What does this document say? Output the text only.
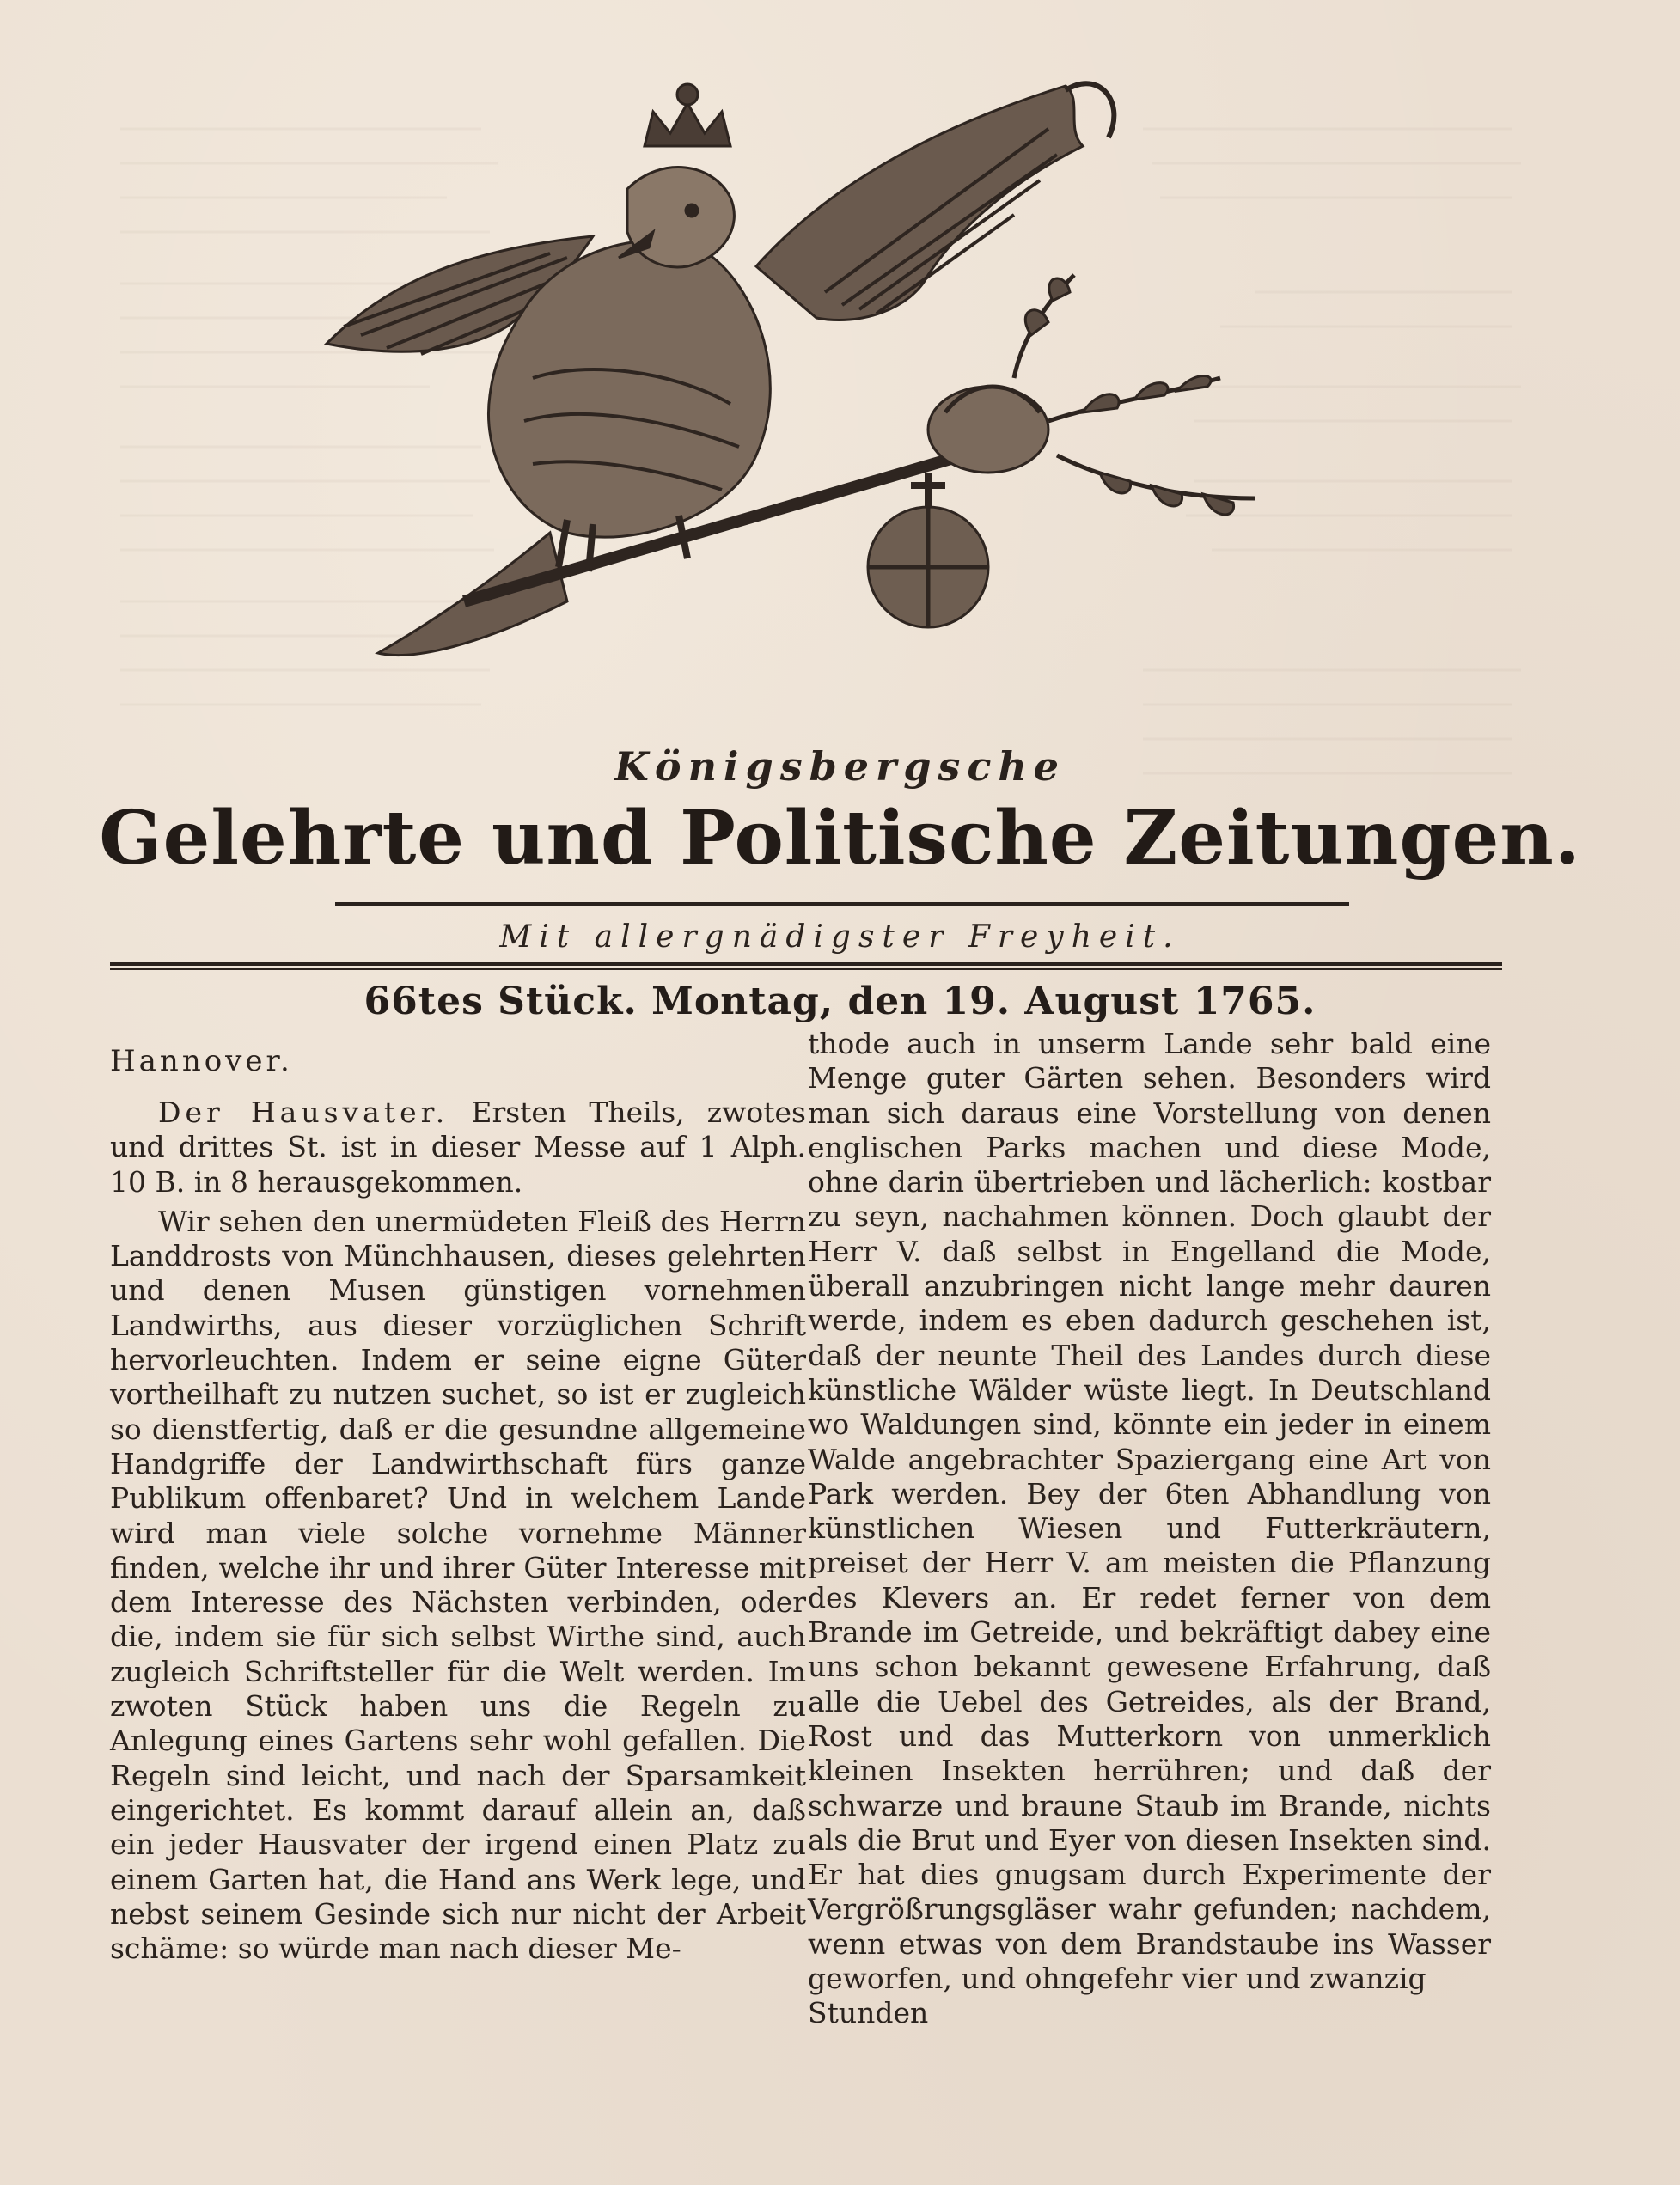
Königsbergsche
Gelehrte und Politische Zeitungen.
Mit allergnädigster Freyheit.
66tes Stück. Montag, den 19. August 1765.

Hannover.

Der Hausvater. Ersten Theils, zwotes und drittes St. ist in dieser Messe auf 1 Alph. 10 B. in 8 herausgekommen.

Wir sehen den unermüdeten Fleiß des Herrn Landdrosts von Münchhausen, dieses gelehrten und denen Musen günstigen vornehmen Landwirths, aus dieser vorzüglichen Schrift hervorleuchten. Indem er seine eigne Güter vortheilhaft zu nutzen suchet, so ist er zugleich so dienstfertig, daß er die gesundne allgemeine Handgriffe der Landwirthschaft fürs ganze Publikum offenbaret? Und in welchem Lande wird man viele solche vornehme Männer finden, welche ihr und ihrer Güter Interesse mit dem Interesse des Nächsten verbinden, oder die, indem sie für sich selbst Wirthe sind, auch zugleich Schriftsteller für die Welt werden. Im zwoten Stück haben uns die Regeln zu Anlegung eines Gartens sehr wohl gefallen. Die Regeln sind leicht, und nach der Sparsamkeit eingerichtet. Es kommt darauf allein an, daß ein jeder Hausvater der irgend einen Platz zu einem Garten hat, die Hand ans Werk lege, und nebst seinem Gesinde sich nur nicht der Arbeit schäme: so würde man nach dieser Me-

thode auch in unserm Lande sehr bald eine Menge guter Gärten sehen. Besonders wird man sich daraus eine Vorstellung von denen englischen Parks machen und diese Mode, ohne darin übertrieben und lächerlich: kostbar zu seyn, nachahmen können. Doch glaubt der Herr V. daß selbst in Engelland die Mode, überall anzubringen nicht lange mehr dauren werde, indem es eben dadurch geschehen ist, daß der neunte Theil des Landes durch diese künstliche Wälder wüste liegt. In Deutschland wo Waldungen sind, könnte ein jeder in einem Walde angebrachter Spaziergang eine Art von Park werden. Bey der 6ten Abhandlung von künstlichen Wiesen und Futterkräutern, preiset der Herr V. am meisten die Pflanzung des Klevers an. Er redet ferner von dem Brande im Getreide, und bekräftigt dabey eine uns schon bekannt gewesene Erfahrung, daß alle die Uebel des Getreides, als der Brand, Rost und das Mutterkorn von unmerklich kleinen Insekten herrühren; und daß der schwarze und braune Staub im Brande, nichts als die Brut und Eyer von diesen Insekten sind. Er hat dies gnugsam durch Experimente der Vergrößrungsgläser wahr gefunden; nachdem, wenn etwas von dem Brandstaube ins Wasser geworfen, und ohngefehr vier und zwanzig

Stunden
